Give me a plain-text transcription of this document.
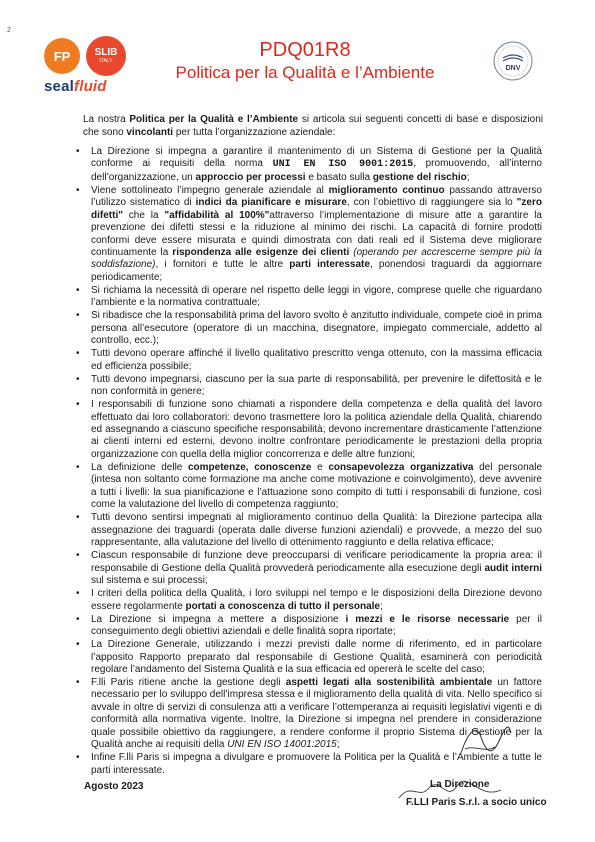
2
FP SLIB
ITALY
sealfluid
PDQ01R8
Politica per la Qualità e l’Ambiente	DNV
La nostra Politica per la Qualità e l’Ambiente si articola sui seguenti concetti di base e disposizioni che sono vincolanti per tutta l’organizzazione aziendale:
• La Direzione si impegna a garantire il mantenimento di un Sistema di Gestione per la Qualità conforme ai requisiti della norma UNI EN ISO 9001:2015, promuovendo, all’interno dell’organizzazione, un approccio per processi e basato sulla gestione del rischio;
• Viene sottolineato l’impegno generale aziendale al miglioramento continuo passando attraverso l’utilizzo sistematico di indici da pianificare e misurare, con l’obiettivo di raggiungere sia lo "zero difetti" che la "affidabilità al 100%"attraverso l’implementazione di misure atte a garantire la prevenzione dei difetti stessi e la riduzione al minimo dei rischi. La capacità di fornire prodotti conformi deve essere misurata e quindi dimostrata con dati reali ed il Sistema deve migliorare continuamente la rispondenza alle esigenze dei clienti (operando per accrescerne sempre più la soddisfazione), i fornitori e tutte le altre parti interessate, ponendosi traguardi da aggiornare periodicamente;
• Si richiama la necessità di operare nel rispetto delle leggi in vigore, comprese quelle che riguardano l’ambiente e la normativa contrattuale;
• Si ribadisce che la responsabilità prima del lavoro svolto è anzitutto individuale, compete cioè in prima persona all’esecutore (operatore di un macchina, disegnatore, impiegato commerciale, addetto al controllo, ecc.);
• Tutti devono operare affinché il livello qualitativo prescritto venga ottenuto, con la massima efficacia ed efficienza possibile;
• Tutti devono impegnarsi, ciascuno per la sua parte di responsabilità, per prevenire le difettosità e le non conformità in genere;
• I responsabili di funzione sono chiamati a rispondere della competenza e della qualità del lavoro effettuato dai loro collaboratori: devono trasmettere loro la politica aziendale della Qualità, chiarendo ed assegnando a ciascuno specifiche responsabilità; devono incrementare drasticamente l’attenzione ai clienti interni ed esterni, devono inoltre confrontare periodicamente le prestazioni della propria organizzazione con quella della miglior concorrenza e delle altre funzioni;
• La definizione delle competenze, conoscenze e consapevolezza organizzativa del personale (intesa non soltanto come formazione ma anche come motivazione e coinvolgimento), deve avvenire a tutti i livelli: la sua pianificazione e l’attuazione sono compito di tutti i responsabili di funzione, così come la valutazione del livello di competenza raggiunto;
• Tutti devono sentirsi impegnati al miglioramento continuo della Qualità: la Direzione partecipa alla assegnazione dei traguardi (operata dalle diverse funzioni aziendali) e provvede, a mezzo del suo rappresentante, alla valutazione del livello di ottenimento raggiunto e della relativa efficace;
• Ciascun responsabile di funzione deve preoccuparsi di verificare periodicamente la propria area: il responsabile di Gestione della Qualità provvederà periodicamente alla esecuzione degli audit interni sul sistema e sui processi;
• I criteri della politica della Qualità, i loro sviluppi nel tempo e le disposizioni della Direzione devono essere regolarmente portati a conoscenza di tutto il personale;
• La Direzione si impegna a mettere a disposizione i mezzi e le risorse necessarie per il conseguimento degli obiettivi aziendali e delle finalità sopra riportate;
• La Direzione Generale, utilizzando i mezzi previsti dalle norme di riferimento, ed in particolare l’apposito Rapporto preparato dal responsabile di Gestione Qualità, esaminerà con periodicità regolare l’andamento del Sistema Qualità e la sua efficacia ed opererà le scelte del caso;
• F.lli Paris ritiene anche la gestione degli aspetti legati alla sostenibilità ambientale un fattore necessario per lo sviluppo dell’impresa stessa e il miglioramento della qualità di vita. Nello specifico si avvale in oltre di servizi di consulenza atti a verificare l’ottemperanza ai requisiti legislativi vigenti e di conformità alla normativa vigente. Inoltre, la Direzione si impegna nel prendere in considerazione quale possibile obiettivo da raggiungere, a rendere conforme il proprio Sistema di Gestione per la Qualità anche ai requisiti della UNI EN ISO 14001:2015;
• Infine F.lli Paris si impegna a divulgare e promuovere la Politica per la Qualità e l’Ambiente a tutte le parti interessate.
Agosto 2023	La Direzione
F.LLI Paris S.r.l. a socio unico
